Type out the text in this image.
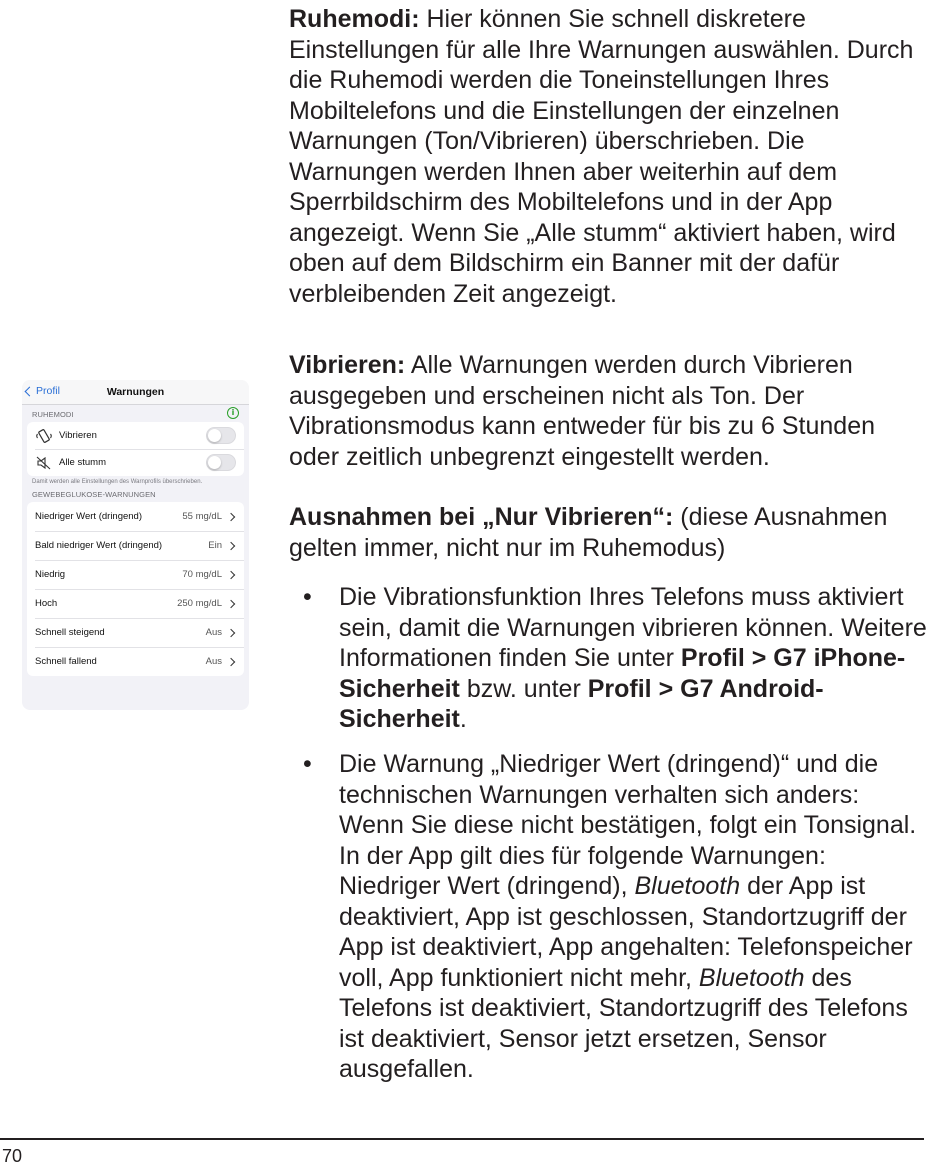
Profil	Warnungen
RUHEMODI	i
Vibrieren
Alle stumm
Damit werden alle Einstellungen des Warnprofils überschrieben.
GEWEBEGLUKOSE-WARNUNGEN
Niedriger Wert (dringend)	55 mg/dL
Bald niedriger Wert (dringend)	Ein
Niedrig	70 mg/dL
Hoch	250 mg/dL
Schnell steigend	Aus
Schnell fallend	Aus

Ruhemodi: Hier können Sie schnell diskretere Einstellungen für alle Ihre Warnungen auswählen. Durch die Ruhemodi werden die Toneinstellungen Ihres Mobiltelefons und die Einstellungen der einzelnen Warnungen (Ton/Vibrieren) überschrieben. Die Warnungen werden Ihnen aber weiterhin auf dem Sperrbildschirm des Mobiltelefons und in der App angezeigt. Wenn Sie „Alle stumm“ aktiviert haben, wird oben auf dem Bildschirm ein Banner mit der dafür verbleibenden Zeit angezeigt.

Vibrieren: Alle Warnungen werden durch Vibrieren ausgegeben und erscheinen nicht als Ton. Der Vibrationsmodus kann entweder für bis zu 6 Stunden oder zeitlich unbegrenzt eingestellt werden.

Ausnahmen bei „Nur Vibrieren“: (diese Ausnahmen gelten immer, nicht nur im Ruhemodus)

• Die Vibrationsfunktion Ihres Telefons muss aktiviert sein, damit die Warnungen vibrieren können. Weitere Informationen finden Sie unter Profil > G7 iPhone-Sicherheit bzw. unter Profil > G7 Android-Sicherheit.
• Die Warnung „Niedriger Wert (dringend)“ und die technischen Warnungen verhalten sich anders: Wenn Sie diese nicht bestätigen, folgt ein Tonsignal. In der App gilt dies für folgende Warnungen: Niedriger Wert (dringend), Bluetooth der App ist deaktiviert, App ist geschlossen, Standortzugriff der App ist deaktiviert, App angehalten: Telefonspeicher voll, App funktioniert nicht mehr, Bluetooth des Telefons ist deaktiviert, Standortzugriff des Telefons ist deaktiviert, Sensor jetzt ersetzen, Sensor ausgefallen.
70
